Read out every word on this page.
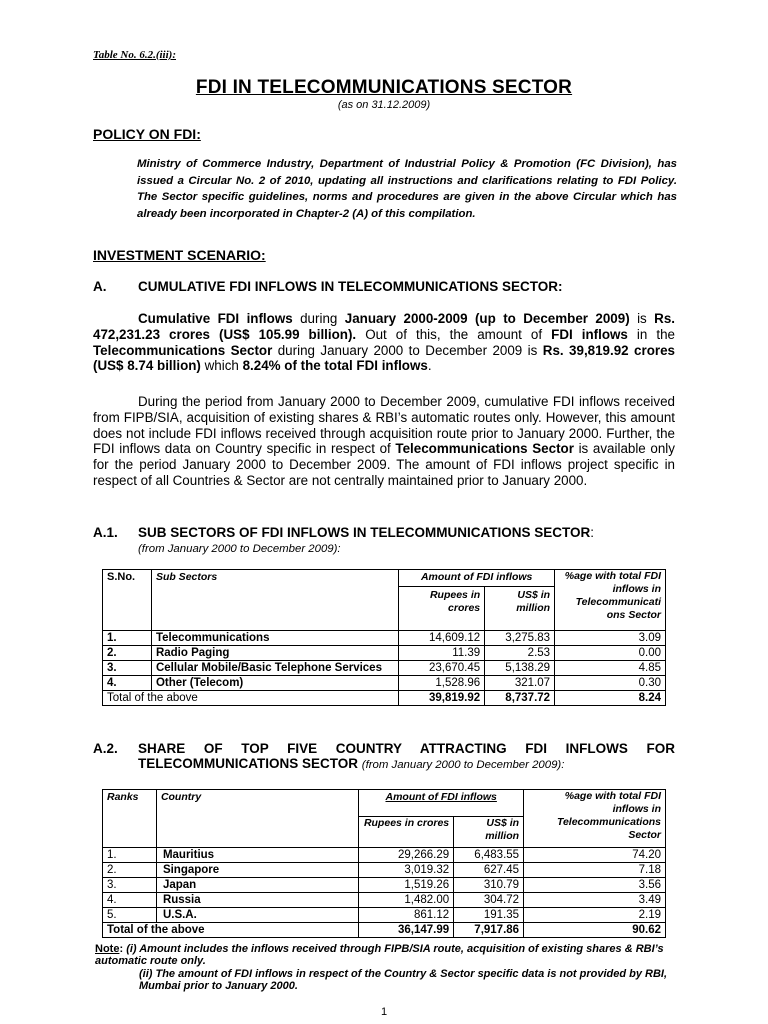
Table No. 6.2.(iii):
FDI IN TELECOMMUNICATIONS SECTOR
(as on 31.12.2009)
POLICY ON FDI:
Ministry of Commerce Industry, Department of Industrial Policy & Promotion (FC Division), has issued a Circular No. 2 of 2010, updating all instructions and clarifications relating to FDI Policy. The Sector specific guidelines, norms and procedures are given in the above Circular which has already been incorporated in Chapter-2 (A) of this compilation.
INVESTMENT SCENARIO:
A. CUMULATIVE FDI INFLOWS IN TELECOMMUNICATIONS SECTOR:
Cumulative FDI inflows during January 2000-2009 (up to December 2009) is Rs. 472,231.23 crores (US$ 105.99 billion). Out of this, the amount of FDI inflows in the Telecommunications Sector during January 2000 to December 2009 is Rs. 39,819.92 crores (US$ 8.74 billion) which 8.24% of the total FDI inflows.
During the period from January 2000 to December 2009, cumulative FDI inflows received from FIPB/SIA, acquisition of existing shares & RBI’s automatic routes only. However, this amount does not include FDI inflows received through acquisition route prior to January 2000. Further, the FDI inflows data on Country specific in respect of Telecommunications Sector is available only for the period January 2000 to December 2009. The amount of FDI inflows project specific in respect of all Countries & Sector are not centrally maintained prior to January 2000.
A.1. SUB SECTORS OF FDI INFLOWS IN TELECOMMUNICATIONS SECTOR:
(from January 2000 to December 2009):
S.No.	Sub Sectors	Amount of FDI inflows		%age with total FDI inflows in Telecommunicati ons Sector
		Rupees in crores	US$ in million	
1.	Telecommunications	14,609.12	3,275.83	3.09
2.	Radio Paging	11.39	2.53	0.00
3.	Cellular Mobile/Basic Telephone Services	23,670.45	5,138.29	4.85
4.	Other (Telecom)	1,528.96	321.07	0.30
Total of the above		39,819.92	8,737.72	8.24
A.2. SHARE OF TOP FIVE COUNTRY ATTRACTING FDI INFLOWS FOR
TELECOMMUNICATIONS SECTOR (from January 2000 to December 2009):
Ranks	Country	Amount of FDI inflows		%age with total FDI inflows in Telecommunications Sector
		Rupees in crores	US$ in million	
1.	Mauritius	29,266.29	6,483.55	74.20
2.	Singapore	3,019.32	627.45	7.18
3.	Japan	1,519.26	310.79	3.56
4.	Russia	1,482.00	304.72	3.49
5.	U.S.A.	861.12	191.35	2.19
Total of the above		36,147.99	7,917.86	90.62
Note: (i) Amount includes the inflows received through FIPB/SIA route, acquisition of existing shares & RBI’s automatic route only.
(ii) The amount of FDI inflows in respect of the Country & Sector specific data is not provided by RBI, Mumbai prior to January 2000.
1
